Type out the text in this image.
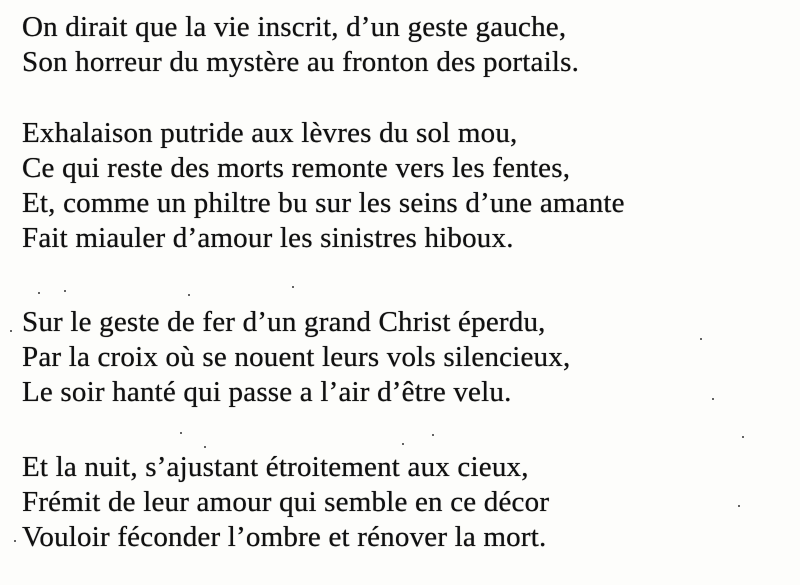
On dirait que la vie inscrit, d’un geste gauche,
Son horreur du mystère au fronton des portails.
Exhalaison putride aux lèvres du sol mou,
Ce qui reste des morts remonte vers les fentes,
Et, comme un philtre bu sur les seins d’une amante
Fait miauler d’amour les sinistres hiboux.
Sur le geste de fer d’un grand Christ éperdu,
Par la croix où se nouent leurs vols silencieux,
Le soir hanté qui passe a l’air d’être velu.
Et la nuit, s’ajustant étroitement aux cieux,
Frémit de leur amour qui semble en ce décor
Vouloir féconder l’ombre et rénover la mort.
